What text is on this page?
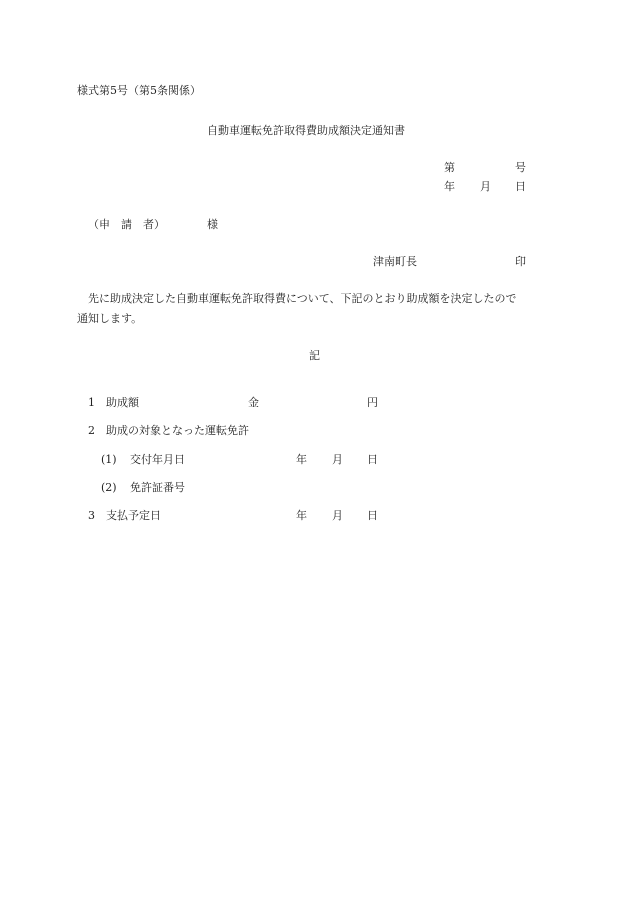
様式第5号（第5条関係）
自動車運転免許取得費助成額決定通知書
第	号
年 月 日
（申　請　者）	様
津南町長	印
先に助成決定した自動車運転免許取得費について、下記のとおり助成額を決定したので
通知します。
記
1 助成額	金	円
2 助成の対象となった運転免許
(1) 交付年月日	年 月 日
(2) 免許証番号
3 支払予定日	年 月 日
